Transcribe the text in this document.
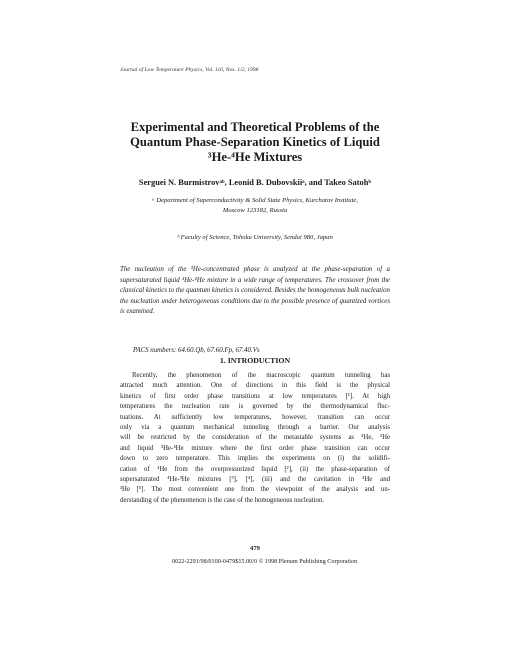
Journal of Low Temperature Physics, Vol. 110, Nos. 1/2, 1998
Experimental and Theoretical Problems of the
Quantum Phase-Separation Kinetics of Liquid
³He-⁴He Mixtures
Serguei N. Burmistrovᵃᵇ, Leonid B. Dubovskiiᵃ, and Takeo Satohᵇ
ᵃ Department of Superconductivity & Solid State Physics, Kurchatov Institute,
Moscow 123182, Russia
ᵇ Faculty of Science, Tohoku University, Sendai 980, Japan

The nucleation of the ³He-concentrated phase is analyzed at the phase-separation of a supersaturated liquid ³He-⁴He mixture in a wide range of temperatures. The crossover from the classical kinetics to the quantum kinetics is considered. Besides the homogeneous bulk nucleation the nucleation under heterogeneous conditions due to the possible presence of quantized vortices is examined.

PACS numbers: 64.60.Qb, 67.60.Fp, 67.40.Vs
1. INTRODUCTION
Recently, the phenomenon of the macroscopic quantum tunneling has
attracted much attention. One of directions in this field is the physical
kinetics of first order phase transitions at low temperatures [¹]. At high
temperatures the nucleation rate is governed by the thermodynamical fluc-
tuations. At sufficiently low temperatures, however, transition can occur
only via a quantum mechanical tunneling through a barrier. Our analysis
will be restricted by the consideration of the metastable systems as ⁴He, ³He
and liquid ³He-⁴He mixture where the first order phase transition can occur
down to zero temperature. This implies the experiments on (i) the solidifi-
cation of ⁴He from the overpressurized liquid [²], (ii) the phase-separation of
supersaturated ⁴He-³He mixtures [³], [⁴], (iii) and the cavitation in ⁴He and
³He [⁵]. The most convenient one from the viewpoint of the analysis and un-
derstanding of the phenomenon is the case of the homogeneous nucleation.
479
0022-2291/98/0100-0479$15.00/0 © 1998 Plenum Publishing Corporation
